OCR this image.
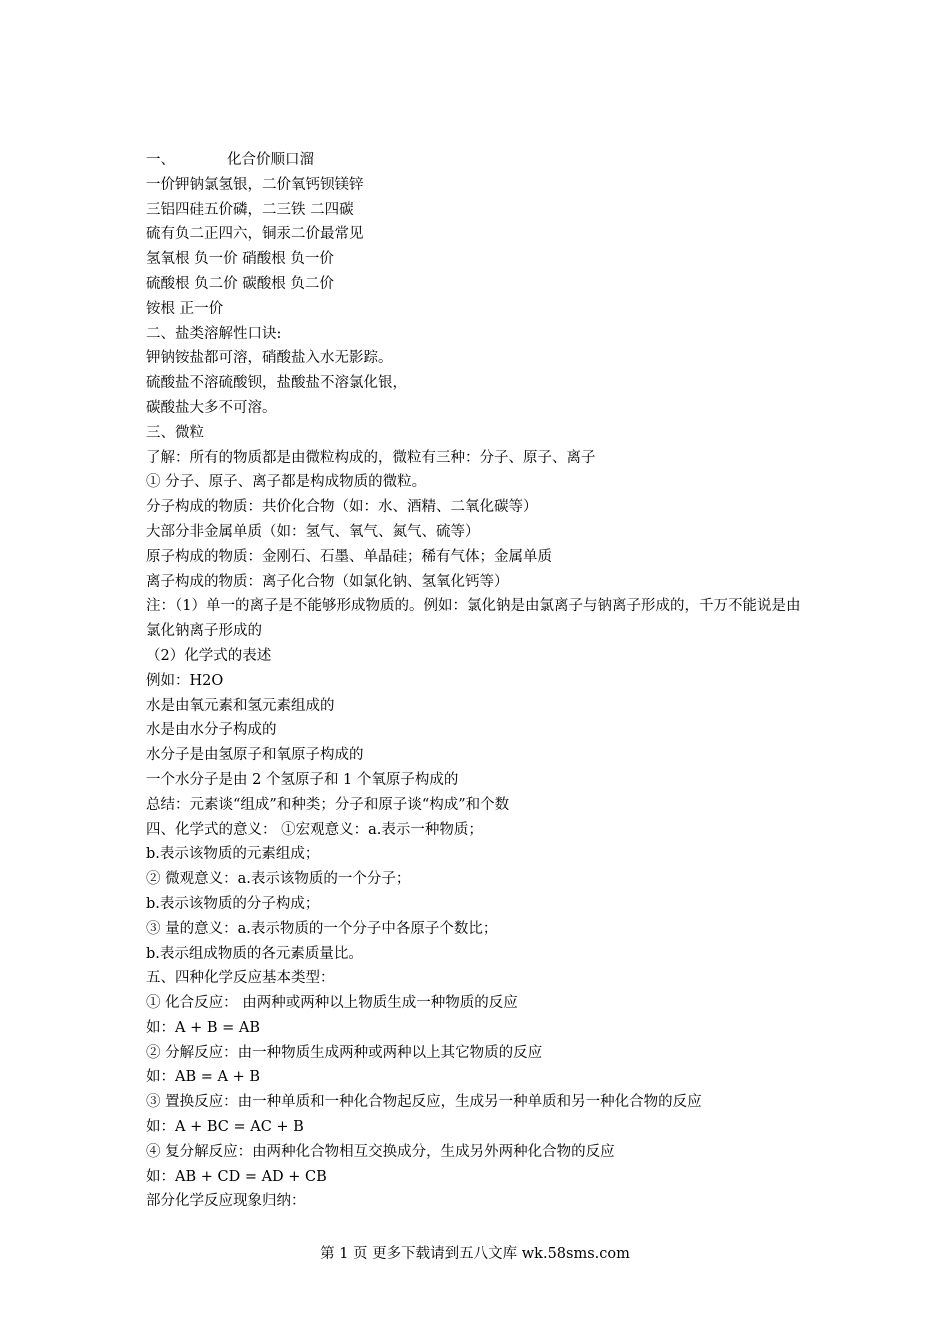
一、	化合价顺口溜
一价钾钠氯氢银，二价氧钙钡镁锌
三铝四硅五价磷，二三铁 二四碳
硫有负二正四六，铜汞二价最常见
氢氧根 负一价 硝酸根 负一价
硫酸根 负二价 碳酸根 负二价
铵根 正一价
二、盐类溶解性口诀:
钾钠铵盐都可溶，硝酸盐入水无影踪。
硫酸盐不溶硫酸钡，盐酸盐不溶氯化银，
碳酸盐大多不可溶。
三、微粒
了解：所有的物质都是由微粒构成的，微粒有三种：分子、原子、离子
① 分子、原子、离子都是构成物质的微粒。
分子构成的物质：共价化合物（如：水、酒精、二氧化碳等）
大部分非金属单质（如：氢气、氧气、氮气、硫等）
原子构成的物质：金刚石、石墨、单晶硅；稀有气体；金属单质
离子构成的物质：离子化合物（如氯化钠、氢氧化钙等）
注：（1）单一的离子是不能够形成物质的。例如：氯化钠是由氯离子与钠离子形成的，千万不能说是由氯化钠离子形成的
（2）化学式的表述
例如：H2O
水是由氧元素和氢元素组成的
水是由水分子构成的
水分子是由氢原子和氧原子构成的
一个水分子是由 2 个氢原子和 1 个氧原子构成的
总结：元素谈“组成”和种类；分子和原子谈“构成”和个数
四、化学式的意义： ①宏观意义：a.表示一种物质；
b.表示该物质的元素组成；
② 微观意义：a.表示该物质的一个分子；
b.表示该物质的分子构成；
③ 量的意义：a.表示物质的一个分子中各原子个数比；
b.表示组成物质的各元素质量比。
五、四种化学反应基本类型：
① 化合反应： 由两种或两种以上物质生成一种物质的反应
如：A + B = AB
② 分解反应：由一种物质生成两种或两种以上其它物质的反应
如：AB = A + B
③ 置换反应：由一种单质和一种化合物起反应，生成另一种单质和另一种化合物的反应
如：A + BC = AC + B
④ 复分解反应：由两种化合物相互交换成分，生成另外两种化合物的反应
如：AB + CD = AD + CB
部分化学反应现象归纳：
第 1 页 更多下载请到五八文库 wk.58sms.com
